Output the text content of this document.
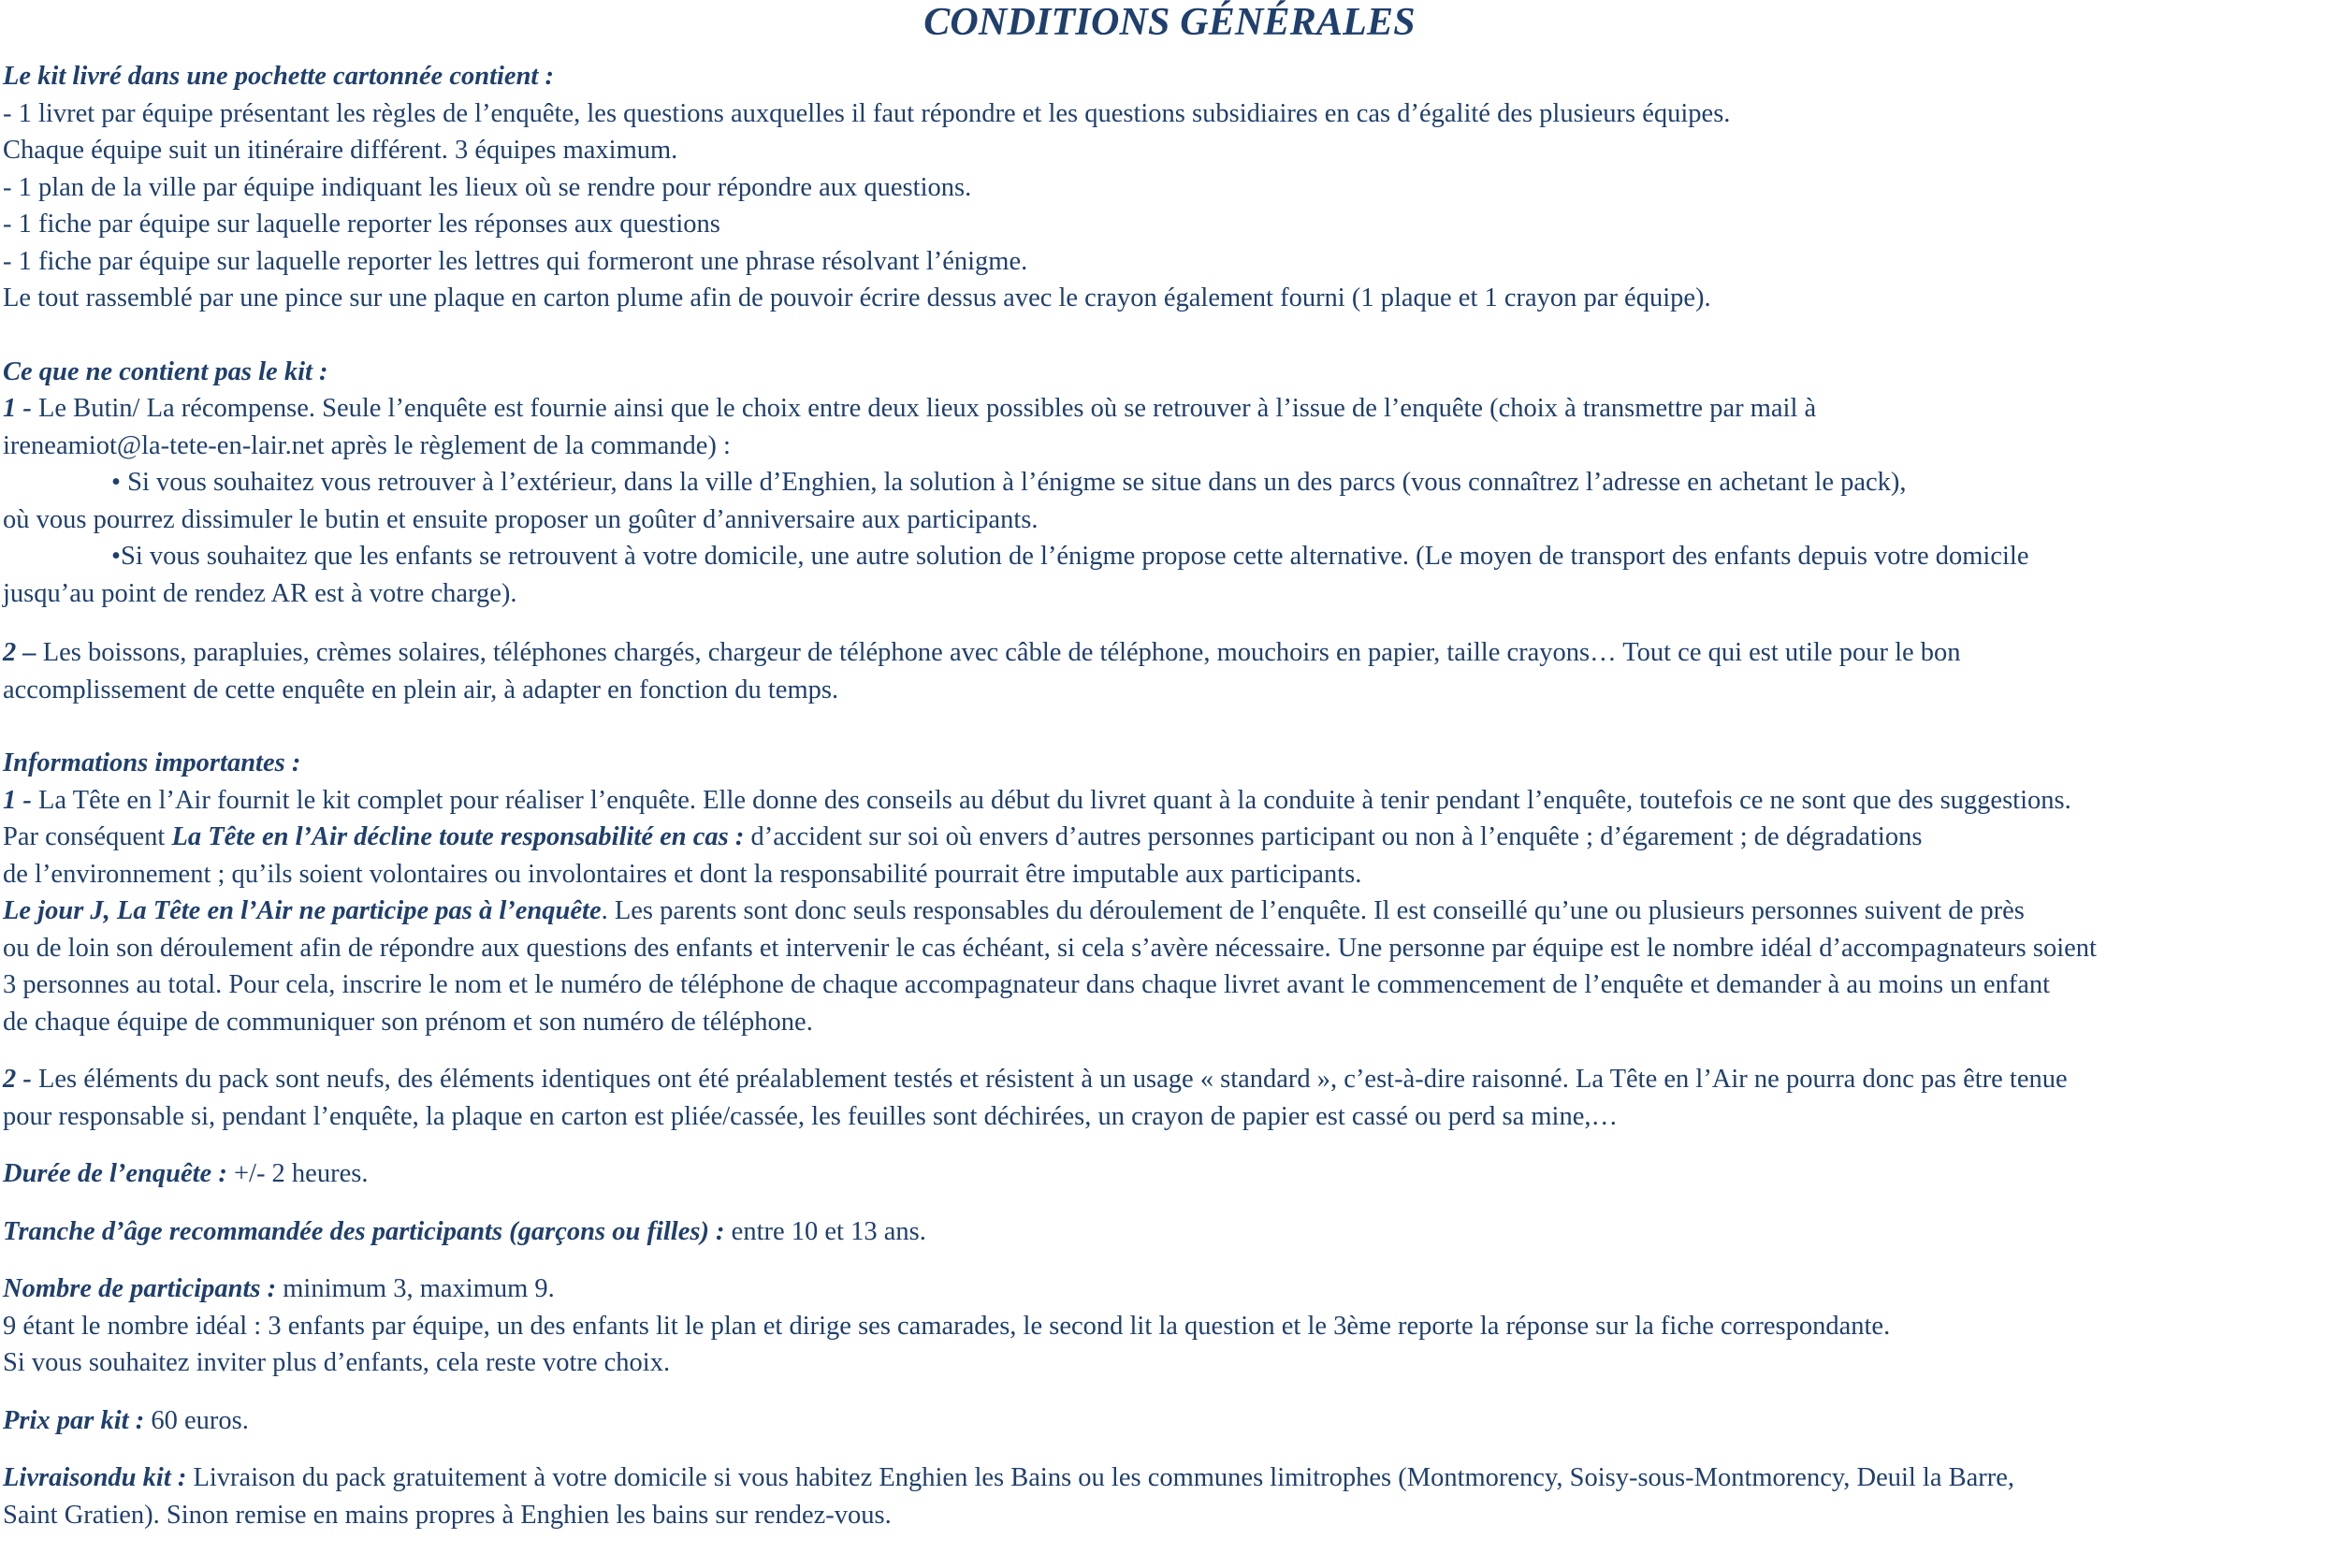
CONDITIONS GÉNÉRALES
Le kit livré dans une pochette cartonnée contient :
- 1 livret par équipe présentant les règles de l’enquête, les questions auxquelles il faut répondre et les questions subsidiaires en cas d’égalité des plusieurs équipes.
Chaque équipe suit un itinéraire différent. 3 équipes maximum.
- 1 plan de la ville par équipe indiquant les lieux où se rendre pour répondre aux questions.
- 1 fiche par équipe sur laquelle reporter les réponses aux questions
- 1 fiche par équipe sur laquelle reporter les lettres qui formeront une phrase résolvant l’énigme.
Le tout rassemblé par une pince sur une plaque en carton plume afin de pouvoir écrire dessus avec le crayon également fourni (1 plaque et 1 crayon par équipe).
Ce que ne contient pas le kit :
1 - Le Butin/ La récompense. Seule l’enquête est fournie ainsi que le choix entre deux lieux possibles où se retrouver à l’issue de l’enquête (choix à transmettre par mail à
ireneamiot@la-tete-en-lair.net après le règlement de la commande) :
• Si vous souhaitez vous retrouver à l’extérieur, dans la ville d’Enghien, la solution à l’énigme se situe dans un des parcs (vous connaîtrez l’adresse en achetant le pack),
où vous pourrez dissimuler le butin et ensuite proposer un goûter d’anniversaire aux participants.
•Si vous souhaitez que les enfants se retrouvent à votre domicile, une autre solution de l’énigme propose cette alternative. (Le moyen de transport des enfants depuis votre domicile
jusqu’au point de rendez AR est à votre charge).
2 – Les boissons, parapluies, crèmes solaires, téléphones chargés, chargeur de téléphone avec câble de téléphone, mouchoirs en papier, taille crayons… Tout ce qui est utile pour le bon
accomplissement de cette enquête en plein air, à adapter en fonction du temps.
Informations importantes :
1 - La Tête en l’Air fournit le kit complet pour réaliser l’enquête. Elle donne des conseils au début du livret quant à la conduite à tenir pendant l’enquête, toutefois ce ne sont que des suggestions.
Par conséquent La Tête en l’Air décline toute responsabilité en cas : d’accident sur soi où envers d’autres personnes participant ou non à l’enquête ; d’égarement ; de dégradations
de l’environnement ; qu’ils soient volontaires ou involontaires et dont la responsabilité pourrait être imputable aux participants.
Le jour J, La Tête en l’Air ne participe pas à l’enquête. Les parents sont donc seuls responsables du déroulement de l’enquête. Il est conseillé qu’une ou plusieurs personnes suivent de près
ou de loin son déroulement afin de répondre aux questions des enfants et intervenir le cas échéant, si cela s’avère nécessaire. Une personne par équipe est le nombre idéal d’accompagnateurs soient
3 personnes au total. Pour cela, inscrire le nom et le numéro de téléphone de chaque accompagnateur dans chaque livret avant le commencement de l’enquête et demander à au moins un enfant
de chaque équipe de communiquer son prénom et son numéro de téléphone.
2 - Les éléments du pack sont neufs, des éléments identiques ont été préalablement testés et résistent à un usage « standard », c’est-à-dire raisonné. La Tête en l’Air ne pourra donc pas être tenue
pour responsable si, pendant l’enquête, la plaque en carton est pliée/cassée, les feuilles sont déchirées, un crayon de papier est cassé ou perd sa mine,…
Durée de l’enquête : +/- 2 heures.
Tranche d’âge recommandée des participants (garçons ou filles) : entre 10 et 13 ans.
Nombre de participants : minimum 3, maximum 9.
9 étant le nombre idéal : 3 enfants par équipe, un des enfants lit le plan et dirige ses camarades, le second lit la question et le 3ème reporte la réponse sur la fiche correspondante.
Si vous souhaitez inviter plus d’enfants, cela reste votre choix.
Prix par kit : 60 euros.
Livraisondu kit : Livraison du pack gratuitement à votre domicile si vous habitez Enghien les Bains ou les communes limitrophes (Montmorency, Soisy-sous-Montmorency, Deuil la Barre,
Saint Gratien). Sinon remise en mains propres à Enghien les bains sur rendez-vous.
